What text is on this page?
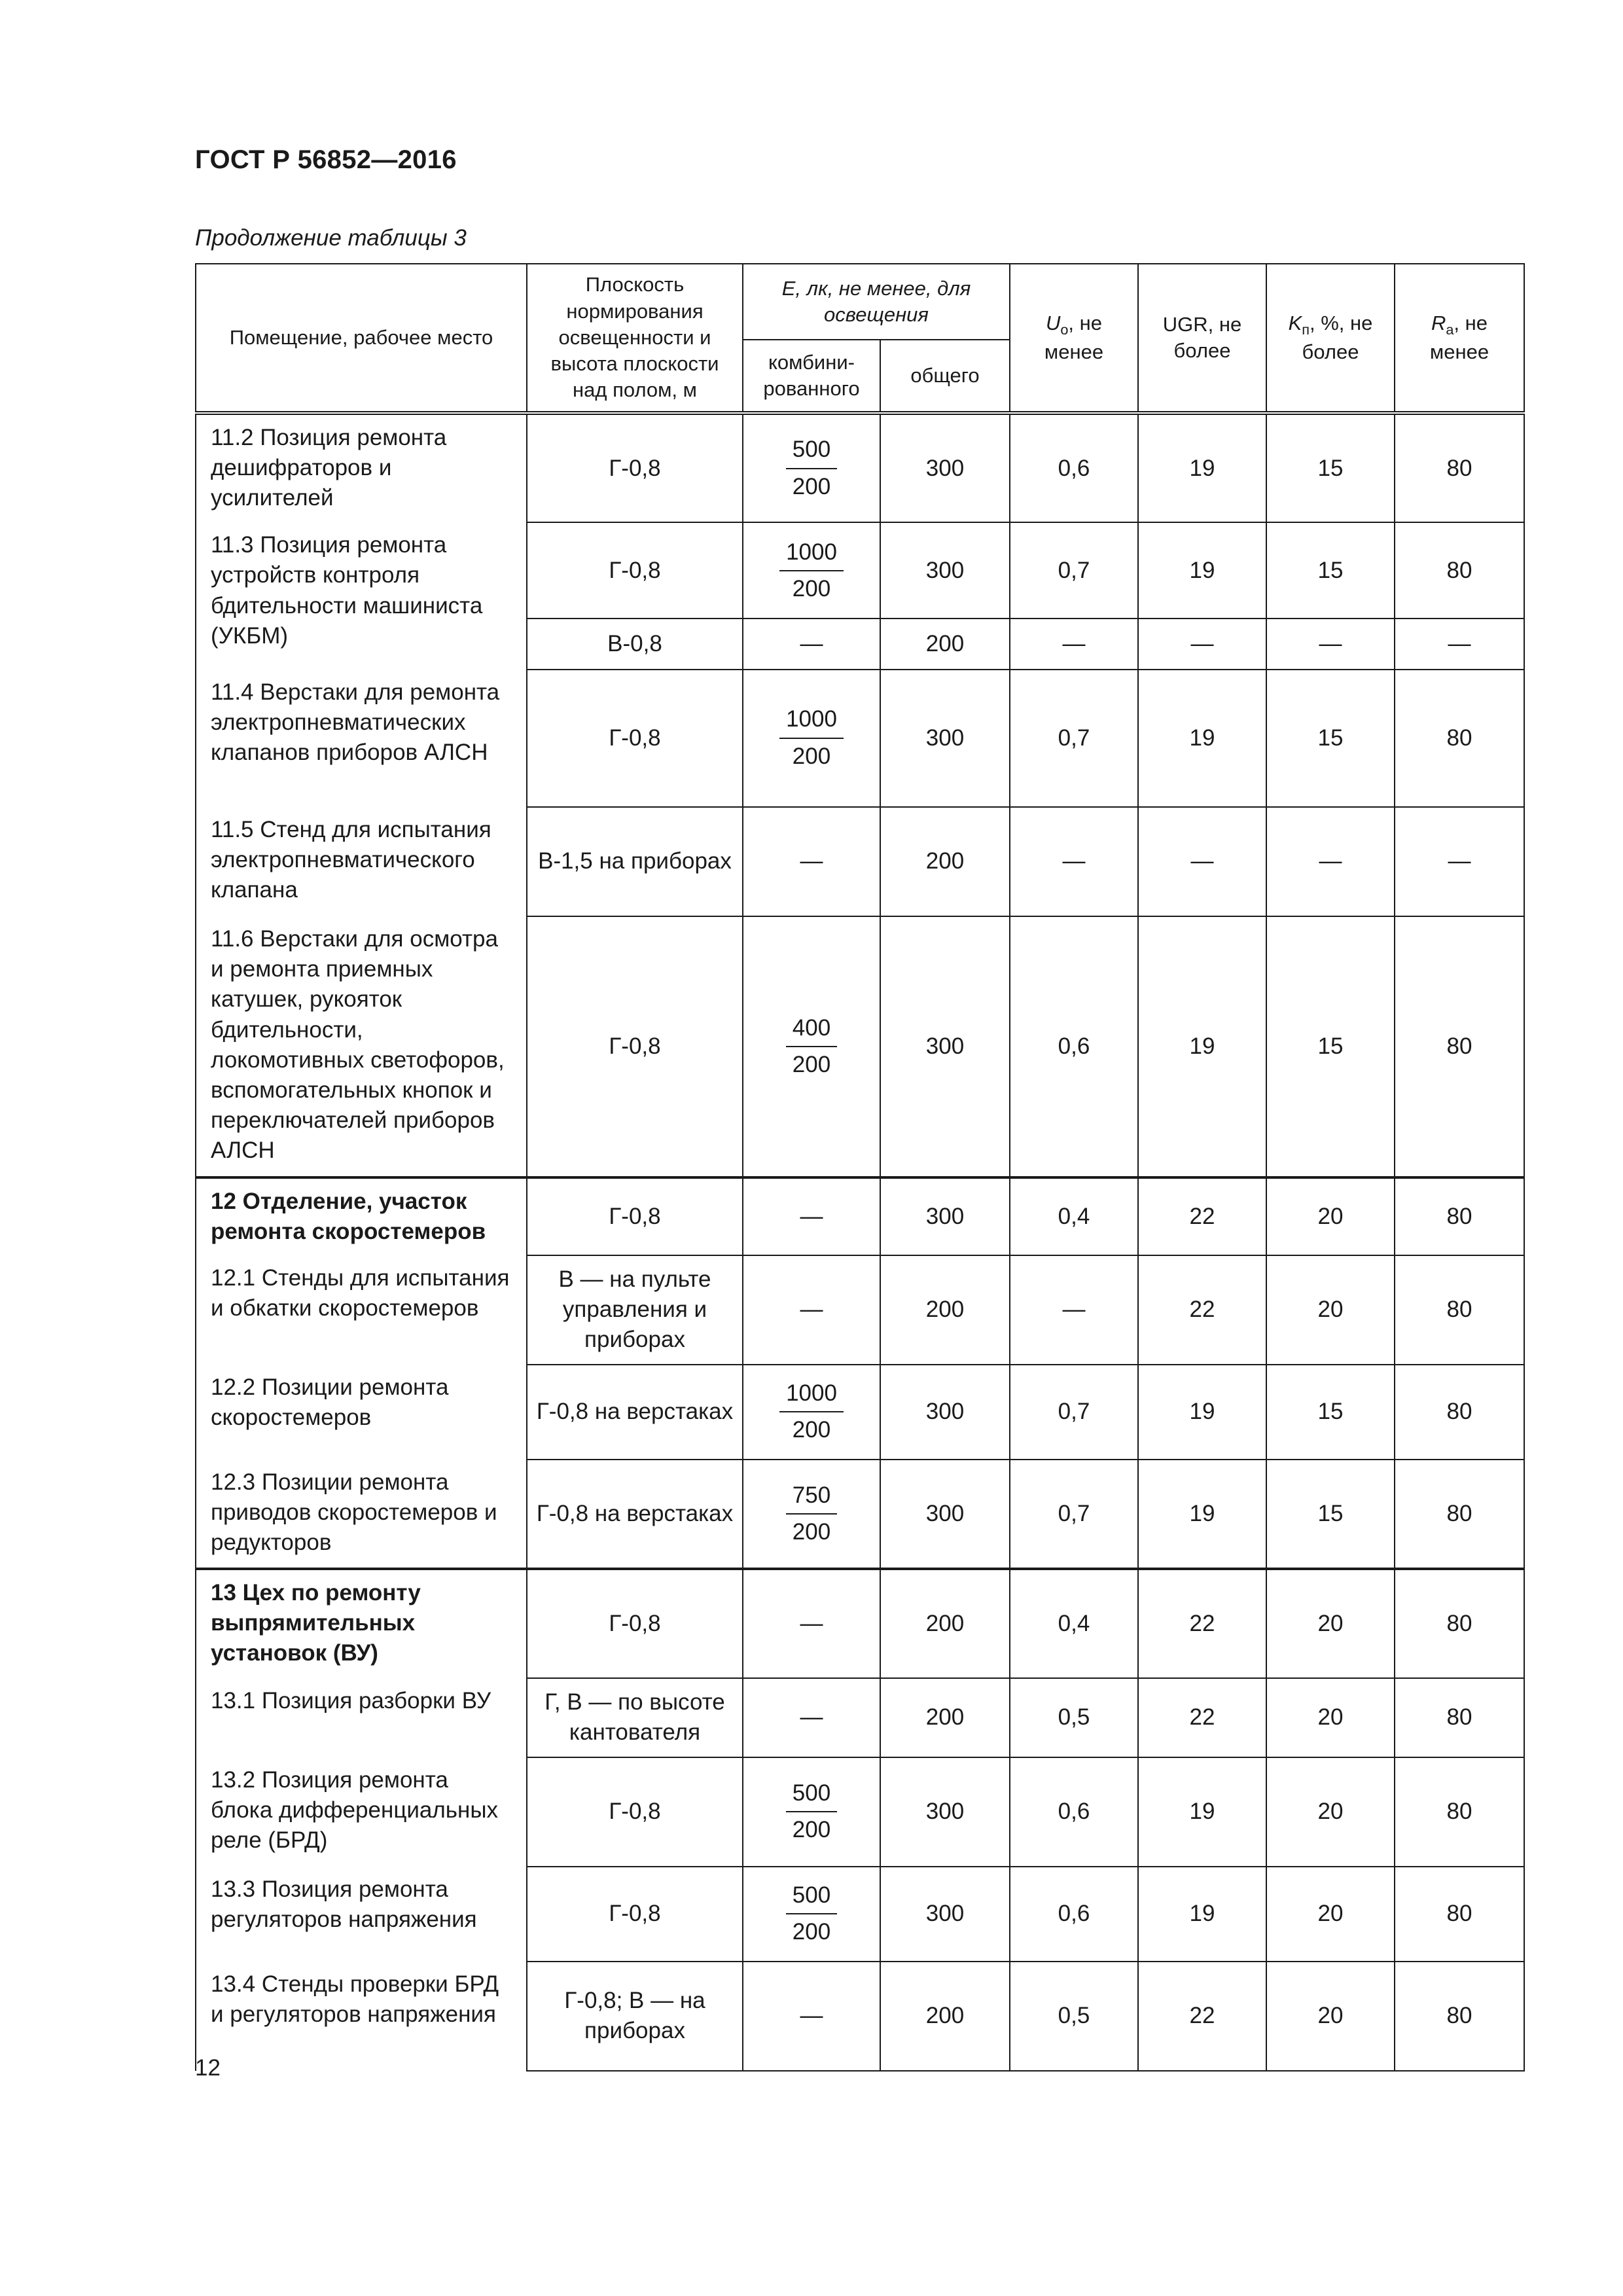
ГОСТ Р 56852—2016
Продолжение таблицы 3
Помещение, рабочее место	Плоскость нормирования освещенности и высота плоскости над полом, м	E, лк, не менее, для освещения		$U_о$, не менее	UGR, не более	$K_п$, %, не более	$R_a$, не менее
		комбини-рованного	общего				
11.2 Позиция ремонта дешифраторов и усилителей	Г-0,8	$\frac{500}{200}$	300	0,6	19	15	80
11.3 Позиция ремонта устройств контроля бдительности машиниста (УКБМ)	Г-0,8	$\frac{1000}{200}$	300	0,7	19	15	80
	В-0,8	—	200	—	—	—	—
11.4 Верстаки для ремонта электропневматических клапанов приборов АЛСН	Г-0,8	$\frac{1000}{200}$	300	0,7	19	15	80
11.5 Стенд для испытания электропневматического клапана	В-1,5 на приборах	—	200	—	—	—	—
11.6 Верстаки для осмотра и ремонта приемных катушек, рукояток бдительности, локомотивных светофоров, вспомогательных кнопок и переключателей приборов АЛСН	Г-0,8	$\frac{400}{200}$	300	0,6	19	15	80
12 Отделение, участок ремонта скоростемеров	Г-0,8	—	300	0,4	22	20	80
12.1 Стенды для испытания и обкатки скоростемеров	В — на пульте управления и приборах	—	200	—	22	20	80
12.2 Позиции ремонта скоростемеров	Г-0,8 на верстаках	$\frac{1000}{200}$	300	0,7	19	15	80
12.3 Позиции ремонта приводов скоростемеров и редукторов	Г-0,8 на верстаках	$\frac{750}{200}$	300	0,7	19	15	80
13 Цех по ремонту выпрямительных установок (ВУ)	Г-0,8	—	200	0,4	22	20	80
13.1 Позиция разборки ВУ	Г, В — по высоте кантователя	—	200	0,5	22	20	80
13.2 Позиция ремонта блока дифференциальных реле (БРД)	Г-0,8	$\frac{500}{200}$	300	0,6	19	20	80
13.3 Позиция ремонта регуляторов напряжения	Г-0,8	$\frac{500}{200}$	300	0,6	19	20	80
13.4 Стенды проверки БРД и регуляторов напряжения	Г-0,8; В — на приборах	—	200	0,5	22	20	80
12
